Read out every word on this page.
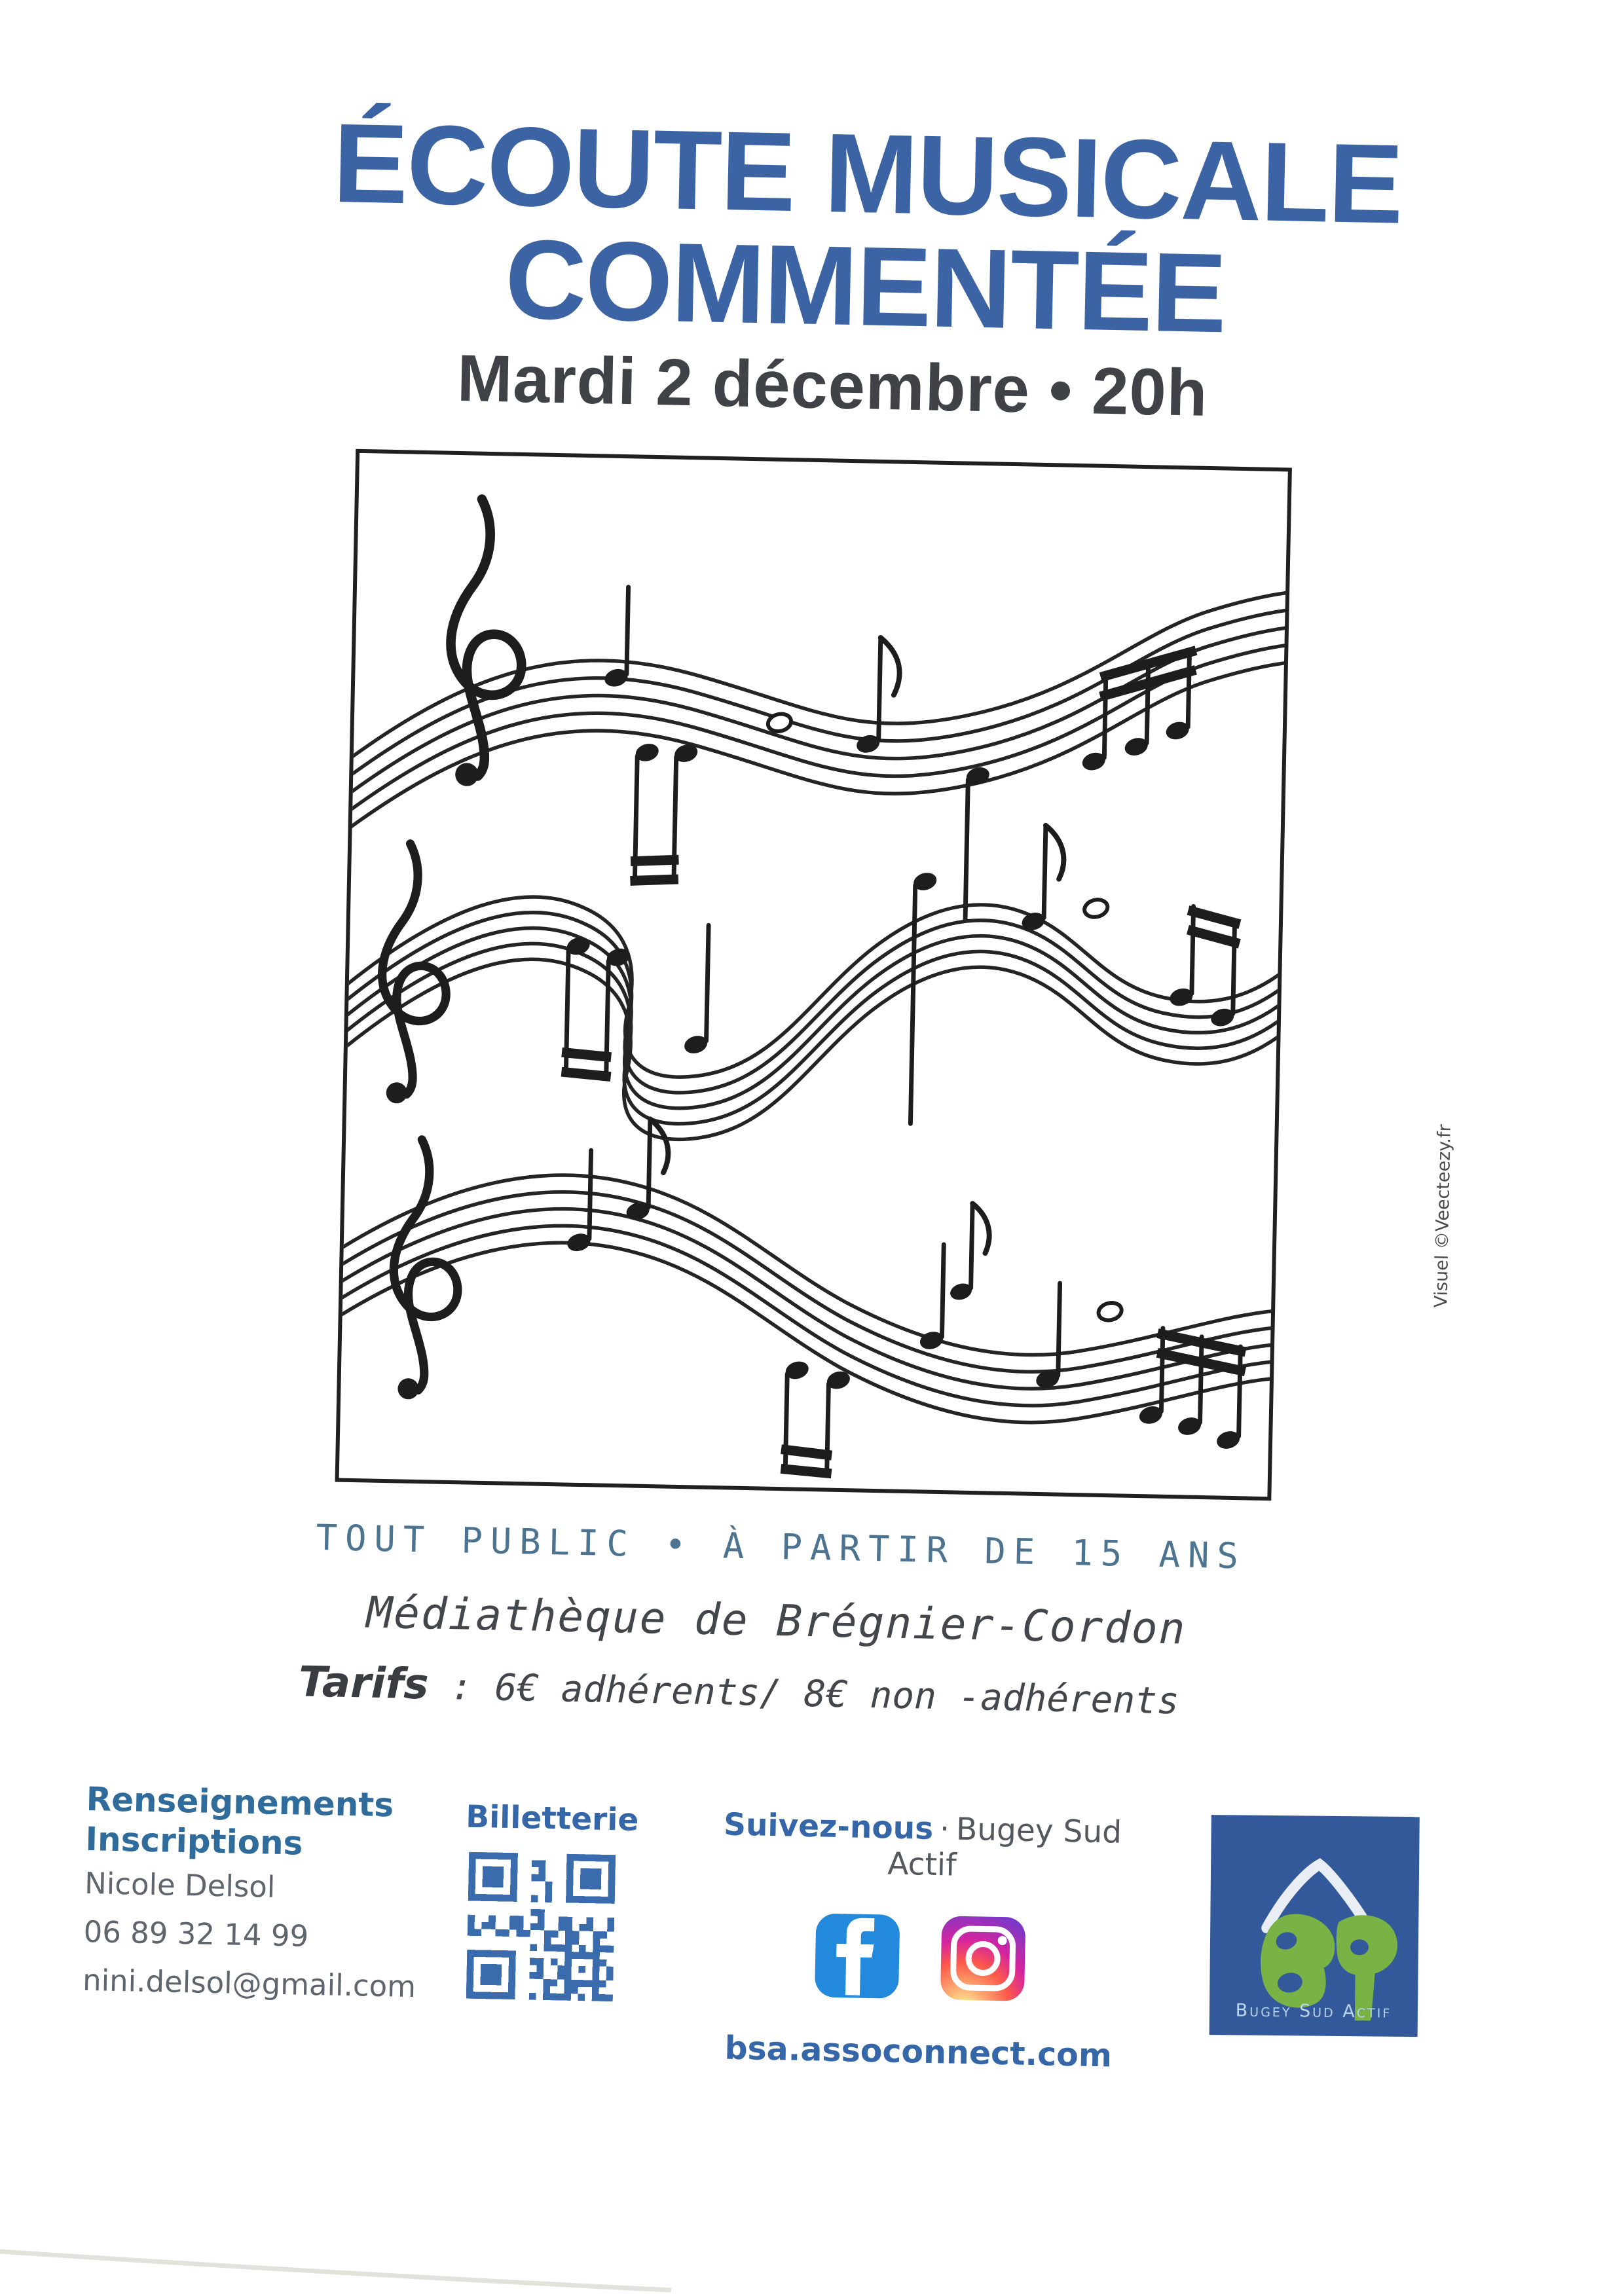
ÉCOUTE MUSICALE
COMMENTÉE
Mardi 2 décembre • 20h
TOUT PUBLIC • À PARTIR DE 15 ANS
Médiathèque de Brégnier-Cordon
Tarifs : 6€ adhérents/ 8€ non -adhérents
Visuel ©Veecteezy.fr
Renseignements
Inscriptions
Nicole Delsol
06 89 32 14 99
nini.delsol@gmail.com
Billetterie	Suivez-nous · Bugey Sud Actif
bsa.assoconnect.com
Bugey Sud Actif
